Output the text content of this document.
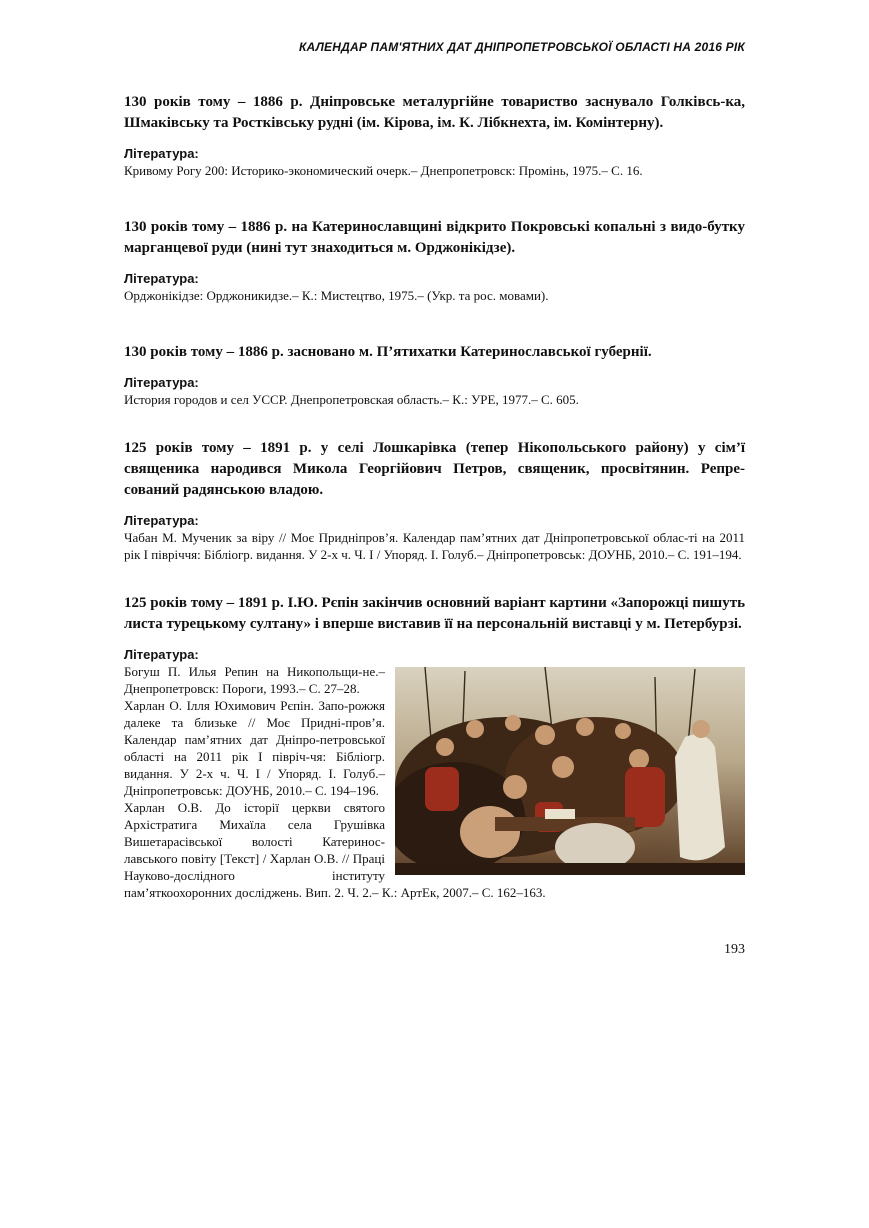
КАЛЕНДАР ПАМ'ЯТНИХ ДАТ ДНІПРОПЕТРОВСЬКОЇ ОБЛАСТІ НА 2016 РІК

130 років тому – 1886 р. Дніпровське металургійне товариство заснувало Голківсь-ка, Шмаківську та Ростківську рудні (ім. Кірова, ім. К. Лібкнехта, ім. Комінтерну).

Література:
Кривому Рогу 200: Историко-экономический очерк.– Днепропетровск: Промінь, 1975.– С. 16.

130 років тому – 1886 р. на Катеринославщині відкрито Покровські копальні з видо-бутку марганцевої руди (нині тут знаходиться м. Орджонікідзе).

Література:
Орджонікідзе: Орджоникидзе.– К.: Мистецтво, 1975.– (Укр. та рос. мовами).

130 років тому – 1886 р. засновано м. П’ятихатки Катеринославської губернії.

Література:
История городов и сел УССР. Днепропетровская область.– К.: УРЕ, 1977.– С. 605.

125 років тому – 1891 р. у селі Лошкарівка (тепер Нікопольського району) у сім’ї священика народився Микола Георгійович Петров, священик, просвітянин. Репре-сований радянською владою.

Література:
Чабан М. Мученик за віру // Моє Придніпров’я. Календар пам’ятних дат Дніпропетровської облас-ті на 2011 рік І півріччя: Бібліогр. видання. У 2-х ч. Ч. І / Упоряд. І. Голуб.– Дніпропетровськ: ДОУНБ, 2010.– С. 191–194.

125 років тому – 1891 р. І.Ю. Рєпін закінчив основний варіант картини «Запорожці пишуть листа турецькому султану» і вперше виставив її на персональній виставці у м. Петербурзі.

Література:
Богуш П. Илья Репин на Никопольщи-не.– Днепропетровск: Пороги, 1993.– С. 27–28.
Харлан О. Ілля Юхимович Рєпін. Запо-рожжя далеке та близьке // Моє Придні-пров’я. Календар пам’ятних дат Дніпро-петровської області на 2011 рік І півріч-чя: Бібліогр. видання. У 2-х ч. Ч. І / Упоряд. І. Голуб.– Дніпропетровськ: ДОУНБ, 2010.– С. 194–196.
Харлан О.В. До історії церкви святого Архістратига Михаїла села Грушівка Вишетарасівської волості Катеринос-лавського повіту [Текст] / Харлан О.В. // Праці Науково-дослідного інституту пам’яткоохоронних досліджень. Вип. 2. Ч. 2.– К.: АртЕк, 2007.– С. 162–163.
193
